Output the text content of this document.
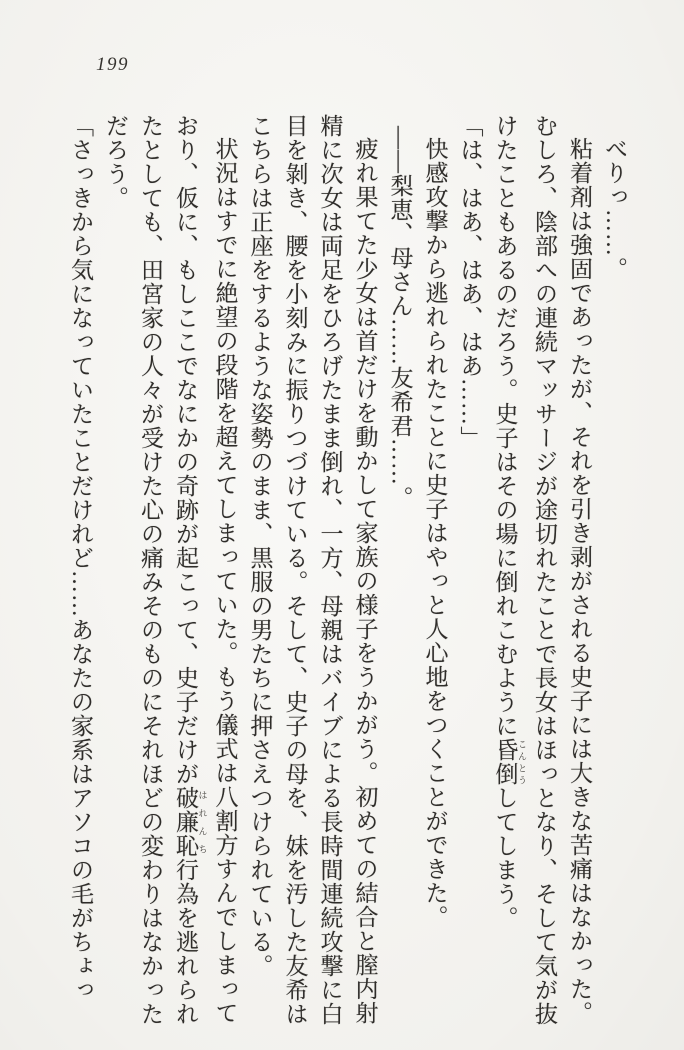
199
べりっ……。
粘着剤は強固であったが、それを引き剥がされる史子には大きな苦痛はなかった。
むしろ、陰部への連続マッサージが途切れたことで長女はほっとなり、そして気が抜
けたこともあるのだろう。史子はその場に倒れこむように昏倒 こんとうしてしまう。
「は、はあ、はあ、はあ……」
快感攻撃から逃れられたことに史子はやっと人心地をつくことができた。
――梨恵、母さん……友希君……。
疲れ果てた少女は首だけを動かして家族の様子をうかがう。初めての結合と膣内射
精に次女は両足をひろげたまま倒れ、一方、母親はバイブによる長時間連続攻撃に白
目を剝き、腰を小刻みに振りつづけている。そして、史子の母を、妹を汚した友希は
こちらは正座をするような姿勢のまま、黒服の男たちに押さえつけられている。
状況はすでに絶望の段階を超えてしまっていた。もう儀式は八割方すんでしまって
おり、仮に、もしここでなにかの奇跡が起こって、史子だけが破廉恥 はれんち行為を逃れられ
たとしても、田宮家の人々が受けた心の痛みそのものにそれほどの変わりはなかった
だろう。
「さっきから気になっていたことだけれど……あなたの家系はアソコの毛がちょっ
